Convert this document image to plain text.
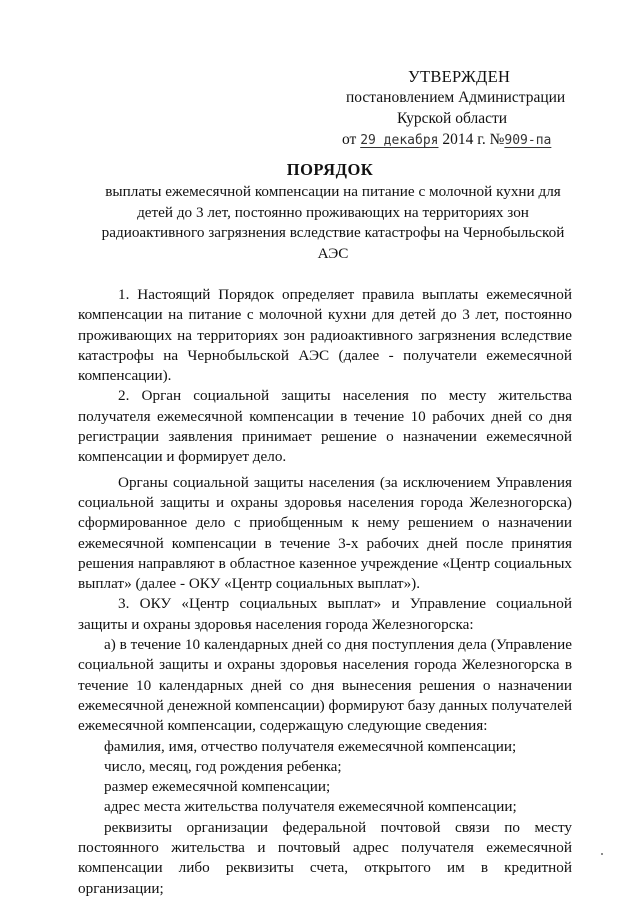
УТВЕРЖДЕН
постановлением Администрации
Курской области
от 29 декабря 2014 г. №909-па
ПОРЯДОК
выплаты ежемесячной компенсации на питание с молочной кухни для детей до 3 лет, постоянно проживающих на территориях зон радиоактивного загрязнения вследствие катастрофы на Чернобыльской АЭС

1. Настоящий Порядок определяет правила выплаты ежемесячной компенсации на питание с молочной кухни для детей до 3 лет, постоянно проживающих на территориях зон радиоактивного загрязнения вследствие катастрофы на Чернобыльской АЭС (далее - получатели ежемесячной компенсации).

2. Орган социальной защиты населения по месту жительства получателя ежемесячной компенсации в течение 10 рабочих дней со дня регистрации заявления принимает решение о назначении ежемесячной компенсации и формирует дело.

Органы социальной защиты населения (за исключением Управления социальной защиты и охраны здоровья населения города Железногорска) сформированное дело с приобщенным к нему решением о назначении ежемесячной компенсации в течение 3-х рабочих дней после принятия решения направляют в областное казенное учреждение «Центр социальных выплат» (далее - ОКУ «Центр социальных выплат»).

3. ОКУ «Центр социальных выплат» и Управление социальной защиты и охраны здоровья населения города Железногорска:

а) в течение 10 календарных дней со дня поступления дела (Управление социальной защиты и охраны здоровья населения города Железногорска в течение 10 календарных дней со дня вынесения решения о назначении ежемесячной денежной компенсации) формируют базу данных получателей ежемесячной компенсации, содержащую следующие сведения:

фамилия, имя, отчество получателя ежемесячной компенсации;

число, месяц, год рождения ребенка;

размер ежемесячной компенсации;

адрес места жительства получателя ежемесячной компенсации;

реквизиты организации федеральной почтовой связи по месту постоянного жительства и почтовый адрес получателя ежемесячной компенсации либо реквизиты счета, открытого им в кредитной организации;
